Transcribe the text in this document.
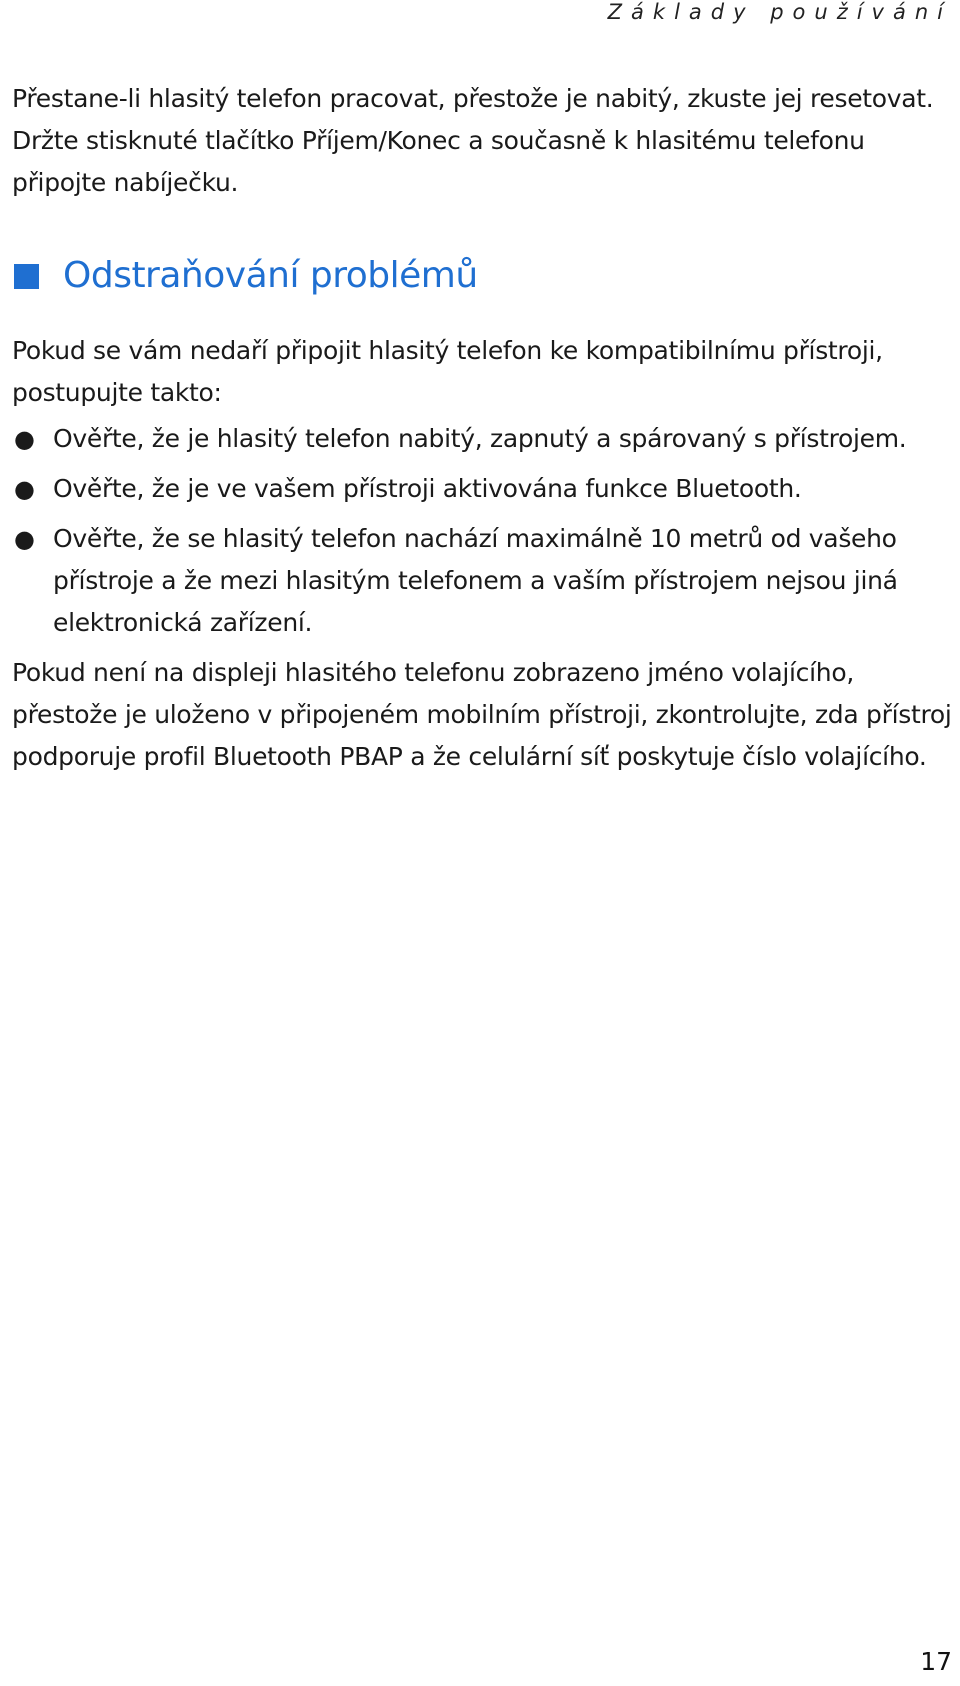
Základy používání

Přestane-li hlasitý telefon pracovat, přestože je nabitý, zkuste jej resetovat. Držte stisknuté tlačítko Příjem/Konec a současně k hlasitému telefonu připojte nabíječku.

Odstraňování problémů

Pokud se vám nedaří připojit hlasitý telefon ke kompatibilnímu přístroji, postupujte takto:

● Ověřte, že je hlasitý telefon nabitý, zapnutý a spárovaný s přístrojem.
● Ověřte, že je ve vašem přístroji aktivována funkce Bluetooth.
● Ověřte, že se hlasitý telefon nachází maximálně 10 metrů od vašeho přístroje a že mezi hlasitým telefonem a vaším přístrojem nejsou jiná elektronická zařízení.

Pokud není na displeji hlasitého telefonu zobrazeno jméno volajícího, přestože je uloženo v připojeném mobilním přístroji, zkontrolujte, zda přístroj podporuje profil Bluetooth PBAP a že celulární síť poskytuje číslo volajícího.

17
